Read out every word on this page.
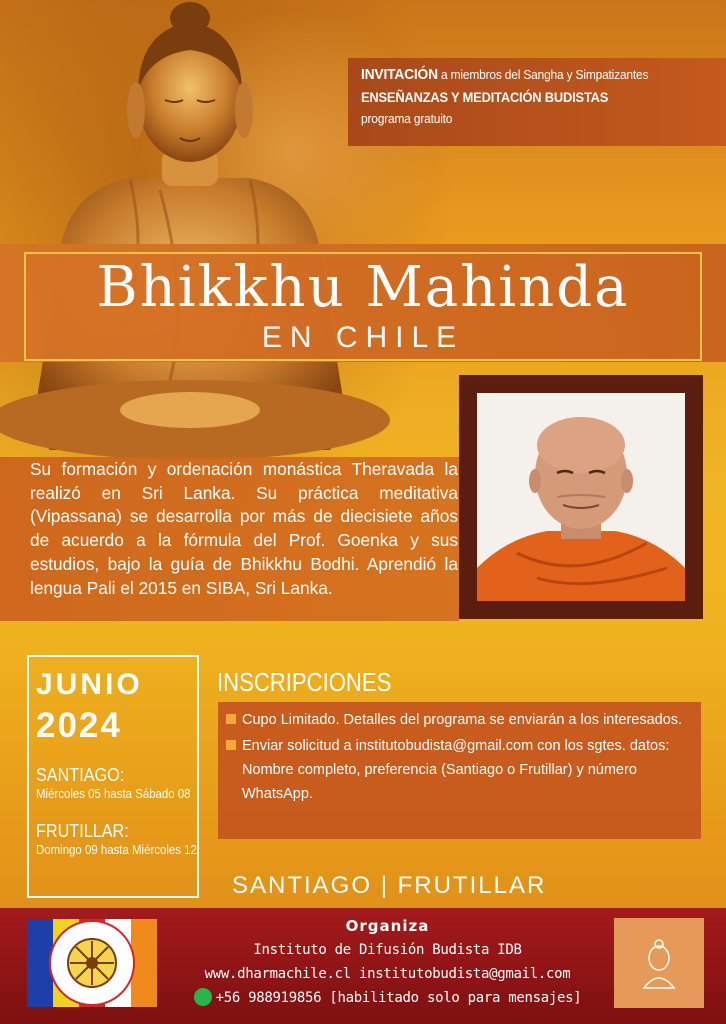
INVITACIÓN a miembros del Sangha y Simpatizantes
ENSEÑANZAS Y MEDITACIÓN BUDISTAS
programa gratuito
Bhikkhu Mahinda
EN CHILE

Su formación y ordenación monástica Theravada la realizó en Sri Lanka. Su práctica meditativa (Vipassana) se desarrolla por más de diecisiete años de acuerdo a la fórmula del Prof. Goenka y sus estudios, bajo la guía de Bhikkhu Bodhi. Aprendió la lengua Pali el 2015 en SIBA, Sri Lanka.

JUNIO
2024
SANTIAGO:
Miércoles 05 hasta Sábado 08
FRUTILLAR:
Domingo 09 hasta Miércoles 12
INSCRIPCIONES
Cupo Limitado. Detalles del programa se enviarán a los interesados.
Enviar solicitud a institutobudista@gmail.com con los sgtes. datos: Nombre completo, preferencia (Santiago o Frutillar) y número WhatsApp.
SANTIAGO | FRUTILLAR
Organiza
Instituto de Difusión Budista IDB
www.dharmachile.cl institutobudista@gmail.com
+56 988919856 [habilitado solo para mensajes]
